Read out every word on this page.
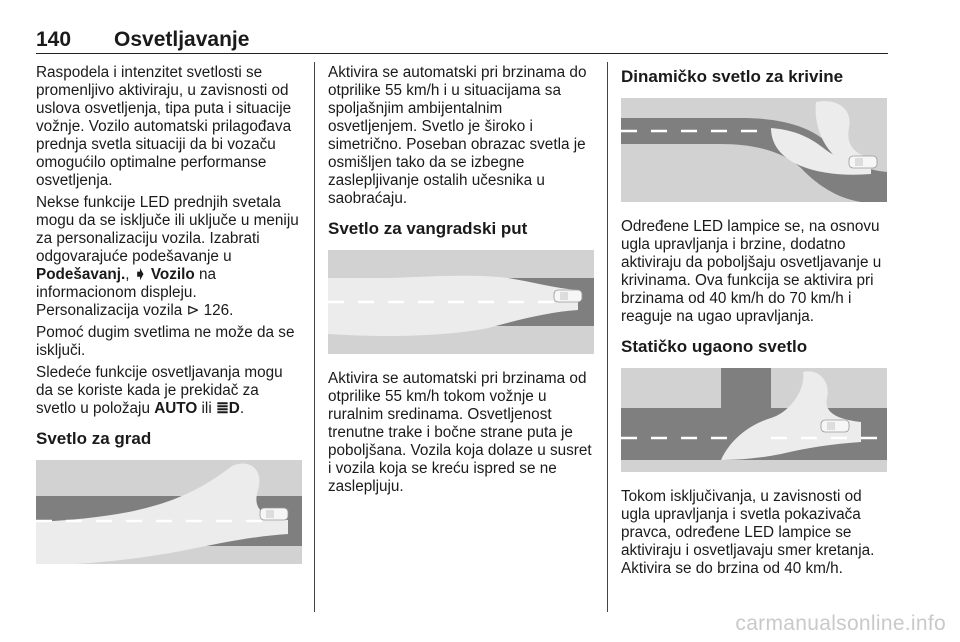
140 Osvetljavanje

Raspodela i intenzitet svetlosti se promenljivo aktiviraju, u zavisnosti od uslova osvetljenja, tipa puta i situacije vožnje. Vozilo automatski prilagođava prednja svetla situaciji da bi vozaču omogućilo optimalne performanse osvetljenja.

Nekse funkcije LED prednjih svetala mogu da se isključe ili uključe u meniju za personalizaciju vozila. Izabrati odgovarajuće podešavanje u Podešavanj., ➧ Vozilo na informacionom displeju.
Personalizacija vozila ⊳ 126.

Pomoć dugim svetlima ne može da se isključi.

Sledeće funkcije osvetljavanja mogu da se koriste kada je prekidač za svetlo u položaju AUTO ili ≣D.

Svetlo za grad

Aktivira se automatski pri brzinama do otprilike 55 km/h i u situacijama sa spoljašnjim ambijentalnim osvetljenjem. Svetlo je široko i simetrično. Poseban obrazac svetla je osmišljen tako da se izbegne zaslepljivanje ostalih učesnika u saobraćaju.

Svetlo za vangradski put

Aktivira se automatski pri brzinama od otprilike 55 km/h tokom vožnje u ruralnim sredinama. Osvetljenost trenutne trake i bočne strane puta je poboljšana. Vozila koja dolaze u susret i vozila koja se kreću ispred se ne zaslepljuju.

Dinamičko svetlo za krivine

Određene LED lampice se, na osnovu ugla upravljanja i brzine, dodatno aktiviraju da poboljšaju osvetljavanje u krivinama. Ova funkcija se aktivira pri brzinama od 40 km/h do 70 km/h i reaguje na ugao upravljanja.

Statičko ugaono svetlo

Tokom isključivanja, u zavisnosti od ugla upravljanja i svetla pokazivača pravca, određene LED lampice se aktiviraju i osvetljavaju smer kretanja. Aktivira se do brzina od 40 km/h.

carmanualsonline.info
